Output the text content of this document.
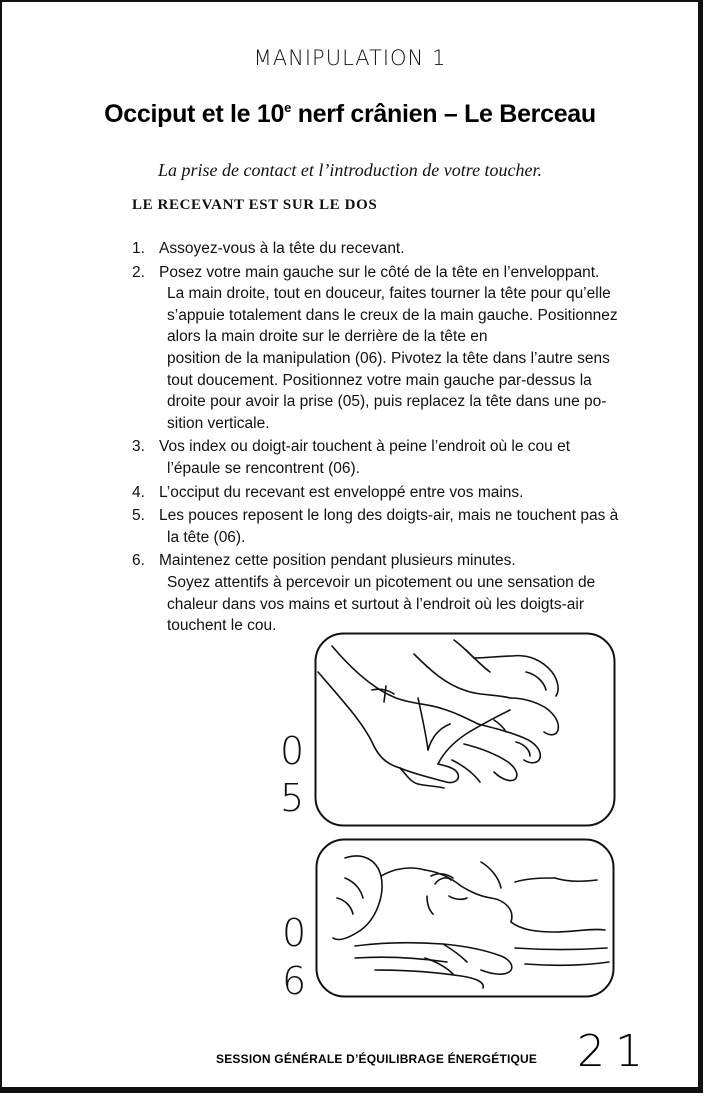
MANIPULATION 1
Occiput et le 10e nerf crânien – Le Berceau
La prise de contact et l’introduction de votre toucher.
LE RECEVANT EST SUR LE DOS
1. Assoyez-vous à la tête du recevant.
2. Posez votre main gauche sur le côté de la tête en l’enveloppant.
La main droite, tout en douceur, faites tourner la tête pour qu’elle
s’appuie totalement dans le creux de la main gauche. Positionnez
alors la main droite sur le derrière de la tête en
position de la manipulation (06). Pivotez la tête dans l’autre sens
tout doucement. Positionnez votre main gauche par-dessus la
droite pour avoir la prise (05), puis replacez la tête dans une po-
sition verticale.
3. Vos index ou doigt-air touchent à peine l’endroit où le cou et
l’épaule se rencontrent (06).
4. L’occiput du recevant est enveloppé entre vos mains.
5. Les pouces reposent le long des doigts-air, mais ne touchent pas à
la tête (06).
6. Maintenez cette position pendant plusieurs minutes.
Soyez attentifs à percevoir un picotement ou une sensation de
chaleur dans vos mains et surtout à l’endroit où les doigts-air
touchent le cou.
0
5
0
6
SESSION GÉNÉRALE D’ÉQUILIBRAGE ÉNERGÉTIQUE 21
